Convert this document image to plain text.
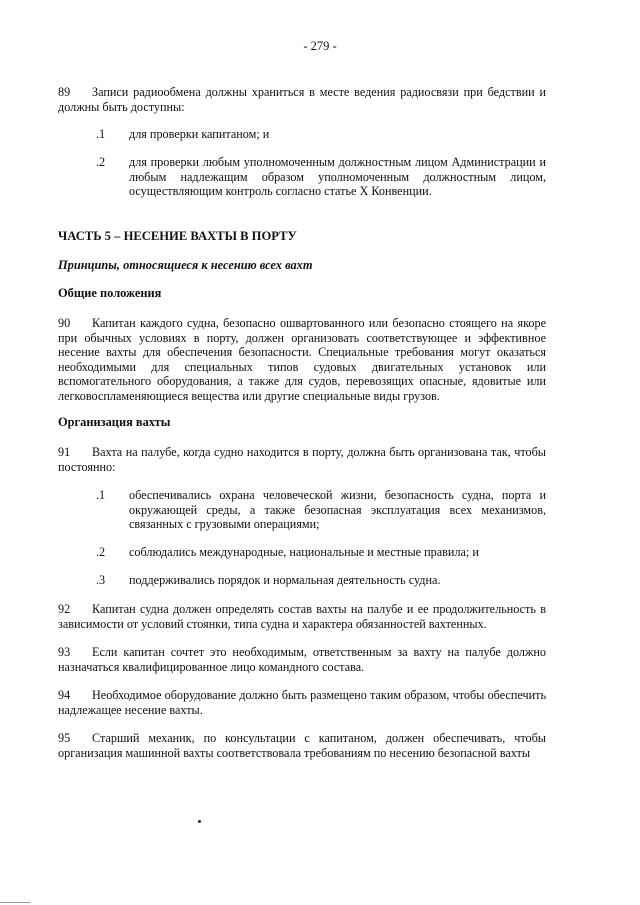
- 279 -
89 Записи радиообмена должны храниться в месте ведения радиосвязи при бедствии и должны быть доступны:
.1 для проверки капитаном; и
.2 для проверки любым уполномоченным должностным лицом Администрации и любым надлежащим образом уполномоченным должностным лицом, осуществляющим контроль согласно статье X Конвенции.
ЧАСТЬ 5 – НЕСЕНИЕ ВАХТЫ В ПОРТУ
Принципы, относящиеся к несению всех вахт
Общие положения
90 Капитан каждого судна, безопасно ошвартованного или безопасно стоящего на якоре при обычных условиях в порту, должен организовать соответствующее и эффективное несение вахты для обеспечения безопасности. Специальные требования могут оказаться необходимыми для специальных типов судовых двигательных установок или вспомогательного оборудования, а также для судов, перевозящих опасные, ядовитые или легковоспламеняющиеся вещества или другие специальные виды грузов.
Организация вахты
91 Вахта на палубе, когда судно находится в порту, должна быть организована так, чтобы постоянно:
.1 обеспечивались охрана человеческой жизни, безопасность судна, порта и окружающей среды, а также безопасная эксплуатация всех механизмов, связанных с грузовыми операциями;
.2 соблюдались международные, национальные и местные правила; и
.3 поддерживались порядок и нормальная деятельность судна.
92 Капитан судна должен определять состав вахты на палубе и ее продолжительность в зависимости от условий стоянки, типа судна и характера обязанностей вахтенных.
93 Если капитан сочтет это необходимым, ответственным за вахту на палубе должно назначаться квалифицированное лицо командного состава.
94 Необходимое оборудование должно быть размещено таким образом, чтобы обеспечить надлежащее несение вахты.
95 Старший механик, по консультации с капитаном, должен обеспечивать, чтобы организация машинной вахты соответствовала требованиям по несению безопасной вахты
